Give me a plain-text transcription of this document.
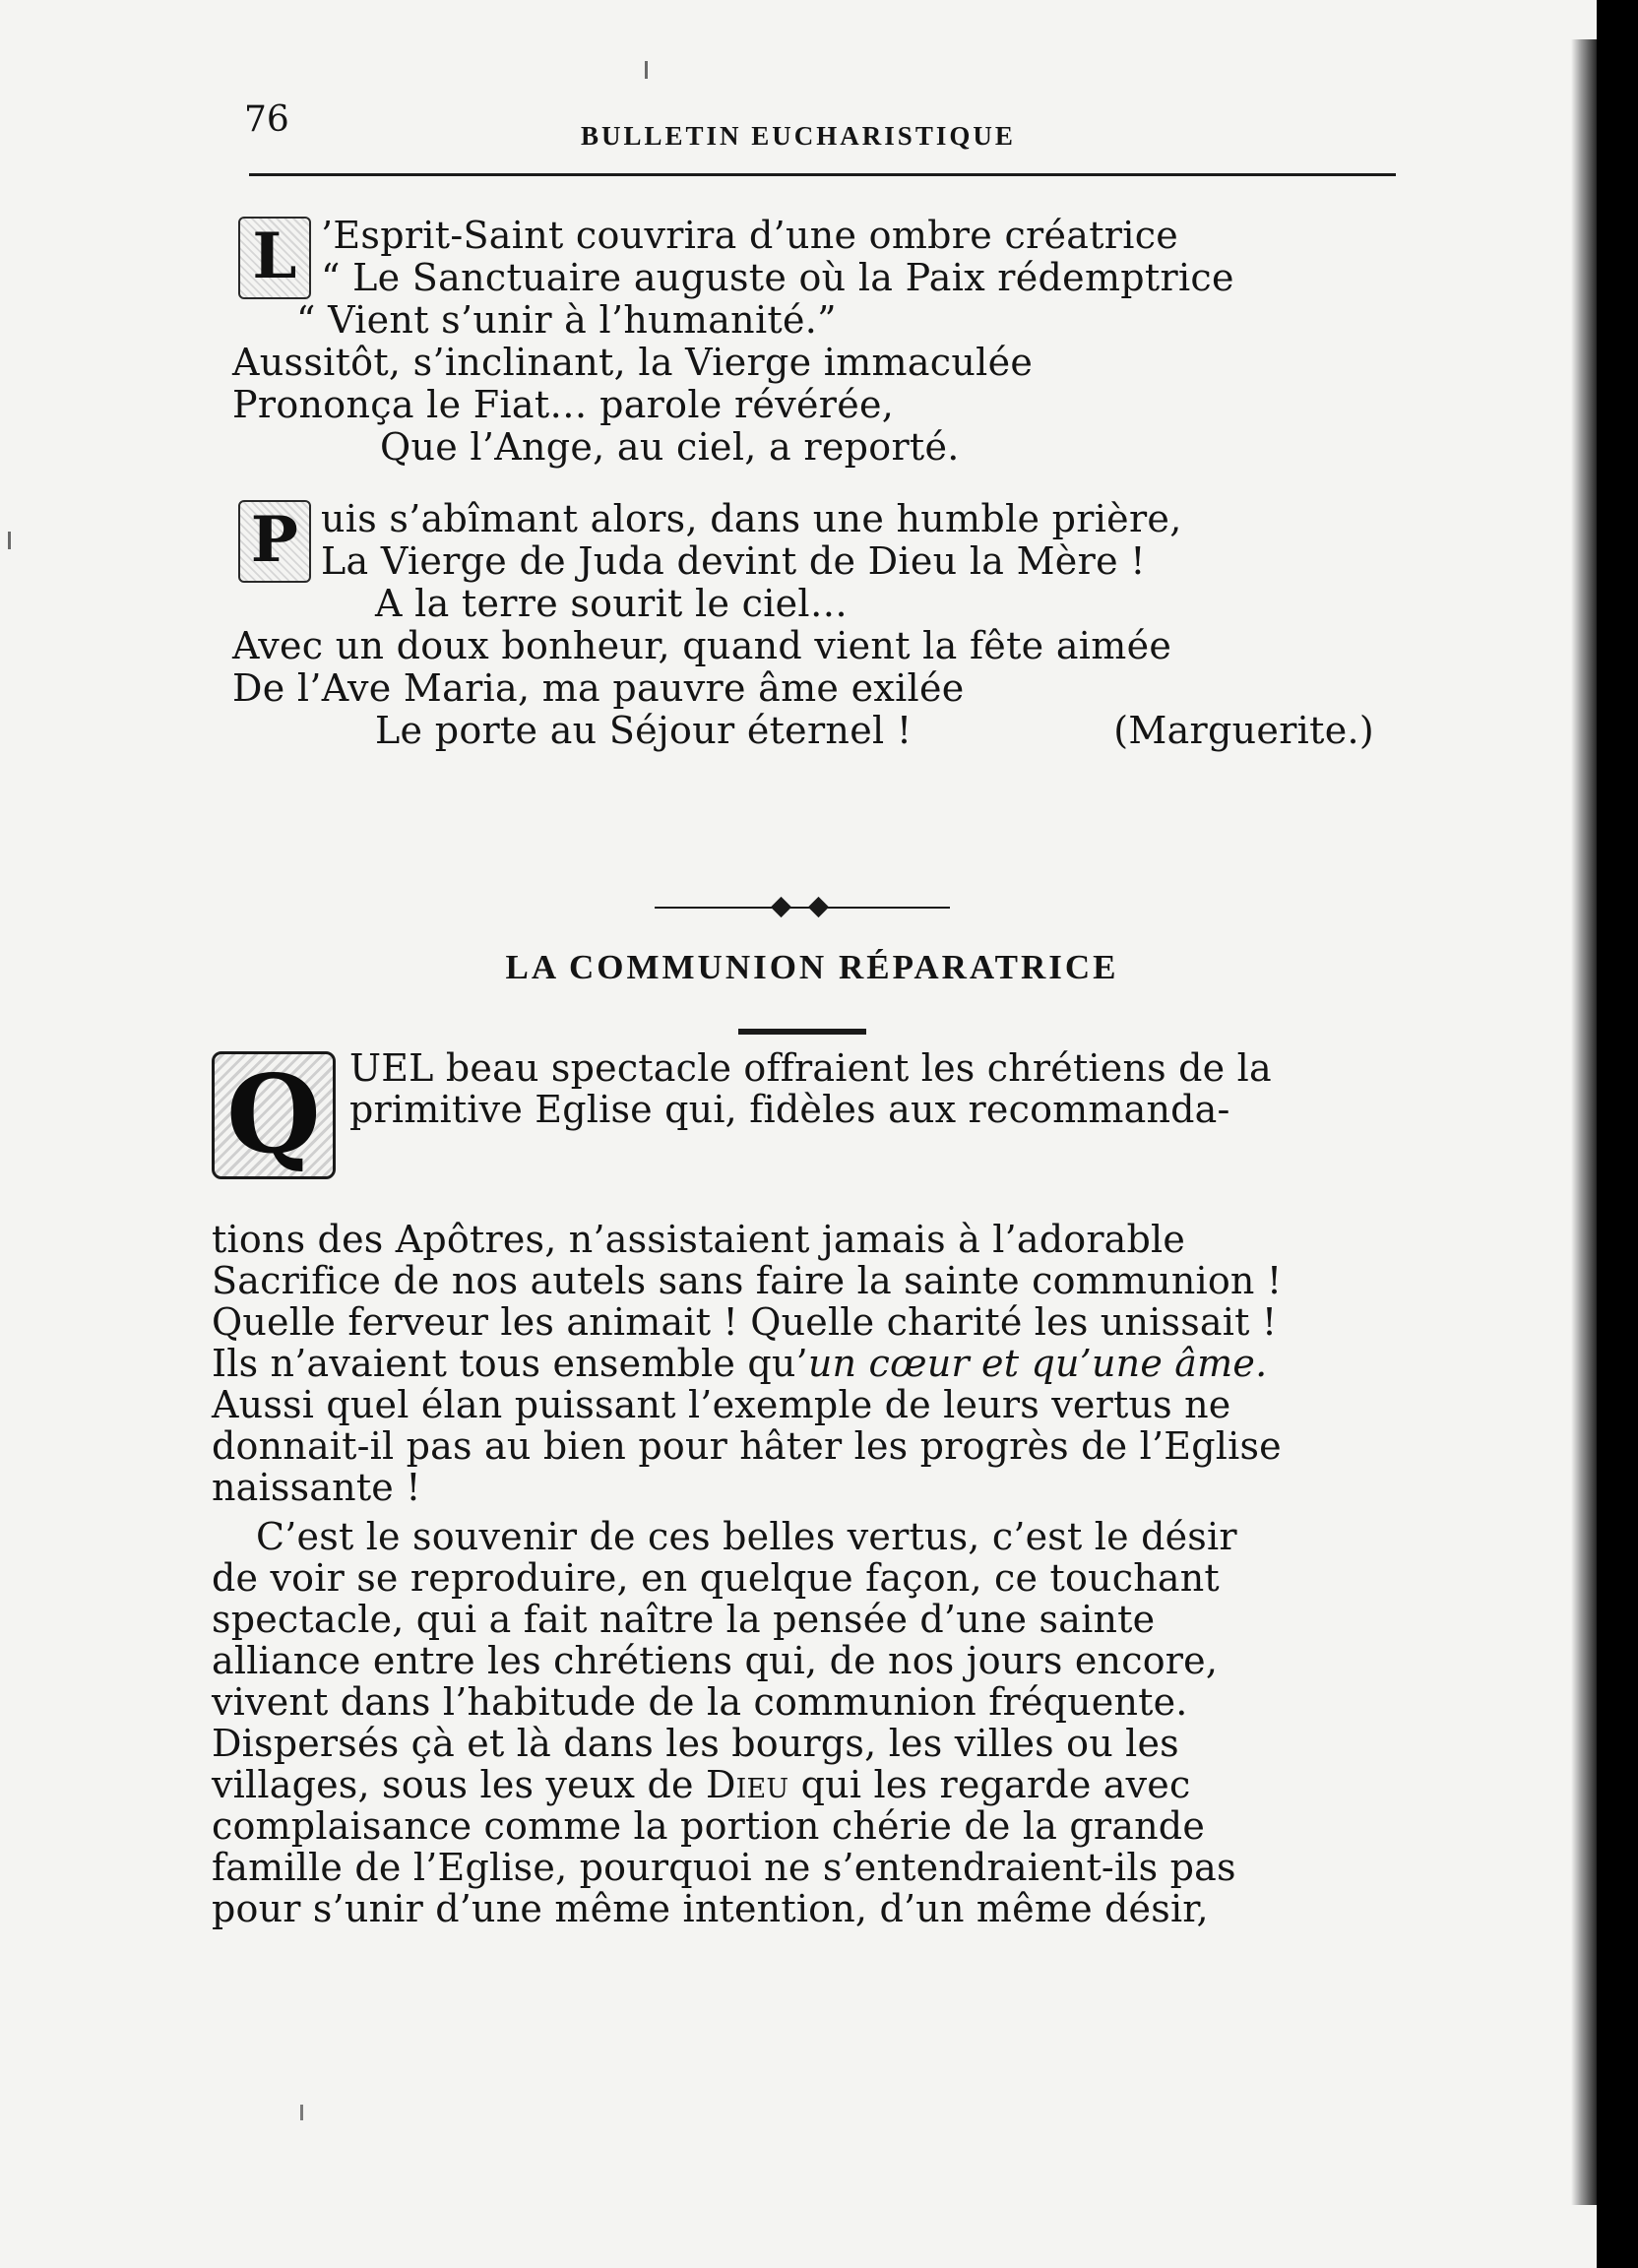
76	BULLETIN EUCHARISTIQUE
L ’Esprit-Saint couvrira d’une ombre créatrice
“ Le Sanctuaire auguste où la Paix rédemptrice
“ Vient s’unir à l’humanité.”
Aussitôt, s’inclinant, la Vierge immaculée
Prononça le Fiat… parole révérée,
Que l’Ange, au ciel, a reporté.
P uis s’abîmant alors, dans une humble prière,
La Vierge de Juda devint de Dieu la Mère !
A la terre sourit le ciel…
Avec un doux bonheur, quand vient la fête aimée
De l’Ave Maria, ma pauvre âme exilée
Le porte au Séjour éternel !	(Marguerite.)
LA COMMUNION RÉPARATRICE
Q UEL beau spectacle offraient les chrétiens de la
primitive Eglise qui, fidèles aux recommanda-
tions des Apôtres, n’assistaient jamais à l’adorable
Sacrifice de nos autels sans faire la sainte communion !
Quelle ferveur les animait ! Quelle charité les unissait !
Ils n’avaient tous ensemble qu’un cœur et qu’une âme.
Aussi quel élan puissant l’exemple de leurs vertus ne
donnait-il pas au bien pour hâter les progrès de l’Eglise
naissante !
C’est le souvenir de ces belles vertus, c’est le désir
de voir se reproduire, en quelque façon, ce touchant
spectacle, qui a fait naître la pensée d’une sainte
alliance entre les chrétiens qui, de nos jours encore,
vivent dans l’habitude de la communion fréquente.
Dispersés çà et là dans les bourgs, les villes ou les
villages, sous les yeux de Dieu qui les regarde avec
complaisance comme la portion chérie de la grande
famille de l’Eglise, pourquoi ne s’entendraient-ils pas
pour s’unir d’une même intention, d’un même désir,
